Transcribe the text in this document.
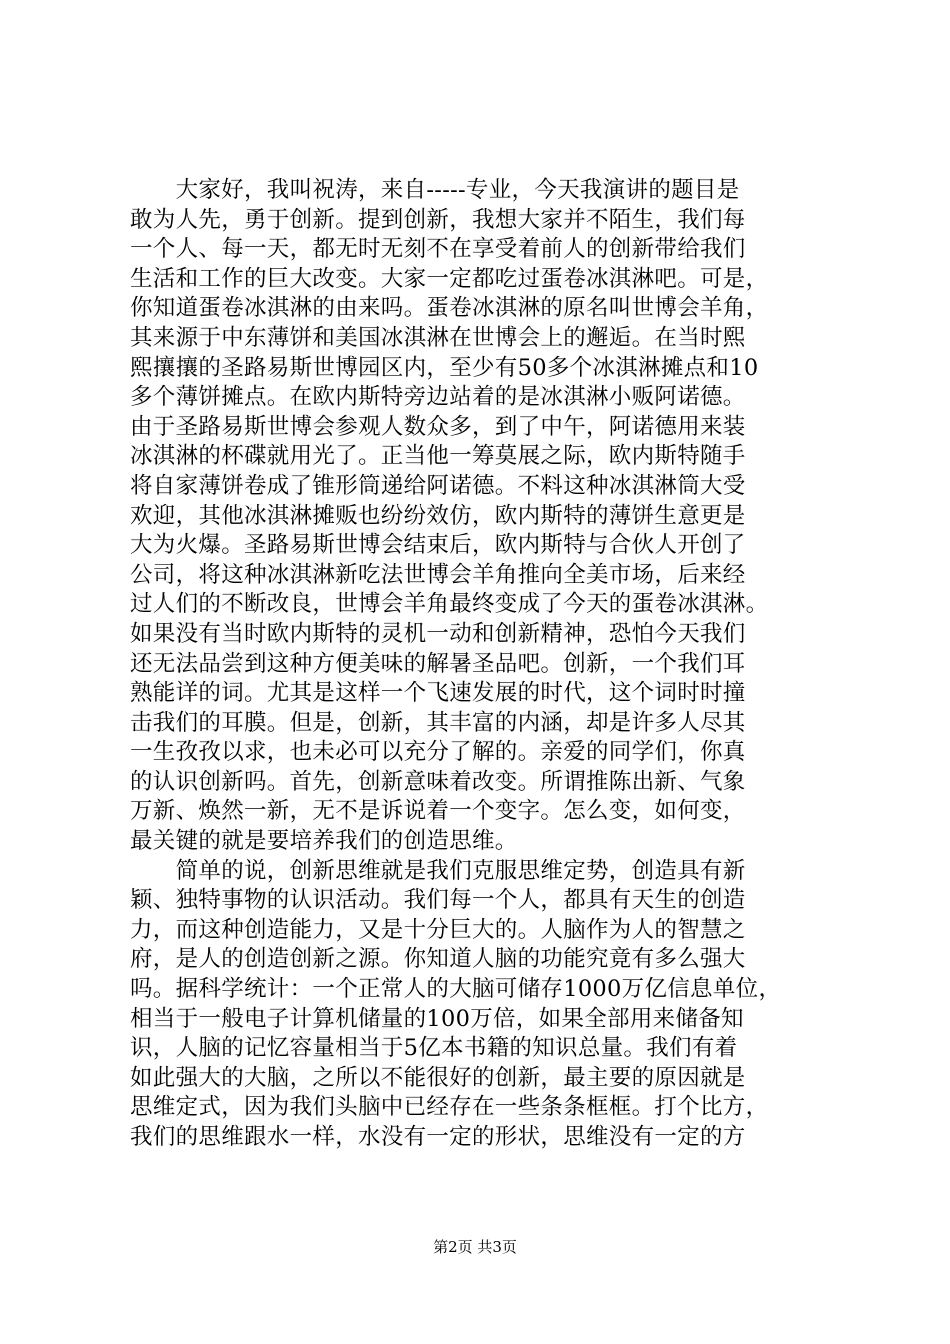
　　大家好，我叫祝涛，来自-----专业，今天我演讲的题目是
敢为人先，勇于创新。提到创新，我想大家并不陌生，我们每
一个人、每一天，都无时无刻不在享受着前人的创新带给我们
生活和工作的巨大改变。大家一定都吃过蛋卷冰淇淋吧。可是，
你知道蛋卷冰淇淋的由来吗。蛋卷冰淇淋的原名叫世博会羊角，
其来源于中东薄饼和美国冰淇淋在世博会上的邂逅。在当时熙
熙攘攘的圣路易斯世博园区内，至少有50多个冰淇淋摊点和10
多个薄饼摊点。在欧内斯特旁边站着的是冰淇淋小贩阿诺德。
由于圣路易斯世博会参观人数众多，到了中午，阿诺德用来装
冰淇淋的杯碟就用光了。正当他一筹莫展之际，欧内斯特随手
将自家薄饼卷成了锥形筒递给阿诺德。不料这种冰淇淋筒大受
欢迎，其他冰淇淋摊贩也纷纷效仿，欧内斯特的薄饼生意更是
大为火爆。圣路易斯世博会结束后，欧内斯特与合伙人开创了
公司，将这种冰淇淋新吃法世博会羊角推向全美市场，后来经
过人们的不断改良，世博会羊角最终变成了今天的蛋卷冰淇淋。
如果没有当时欧内斯特的灵机一动和创新精神，恐怕今天我们
还无法品尝到这种方便美味的解暑圣品吧。创新，一个我们耳
熟能详的词。尤其是这样一个飞速发展的时代，这个词时时撞
击我们的耳膜。但是，创新，其丰富的内涵，却是许多人尽其
一生孜孜以求，也未必可以充分了解的。亲爱的同学们，你真
的认识创新吗。首先，创新意味着改变。所谓推陈出新、气象
万新、焕然一新，无不是诉说着一个变字。怎么变，如何变，
最关键的就是要培养我们的创造思维。
　　简单的说，创新思维就是我们克服思维定势，创造具有新
颖、独特事物的认识活动。我们每一个人，都具有天生的创造
力，而这种创造能力，又是十分巨大的。人脑作为人的智慧之
府，是人的创造创新之源。你知道人脑的功能究竟有多么强大
吗。据科学统计：一个正常人的大脑可储存1000万亿信息单位，
相当于一般电子计算机储量的100万倍，如果全部用来储备知
识，人脑的记忆容量相当于5亿本书籍的知识总量。我们有着
如此强大的大脑，之所以不能很好的创新，最主要的原因就是
思维定式，因为我们头脑中已经存在一些条条框框。打个比方，
我们的思维跟水一样，水没有一定的形状，思维没有一定的方
第2页 共3页
